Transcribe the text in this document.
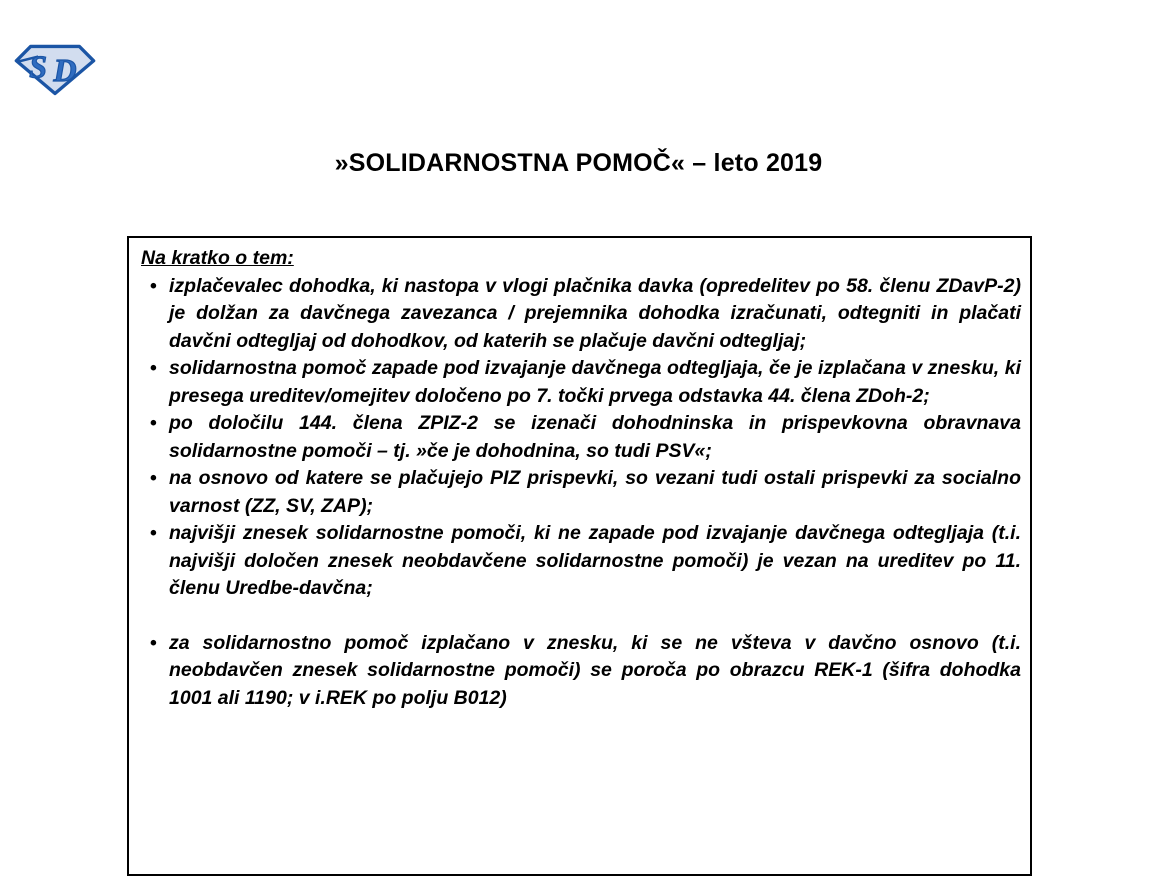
S D
»SOLIDARNOSTNA POMOČ« – leto 2019

Na kratko o tem:

• izplačevalec dohodka, ki nastopa v vlogi plačnika davka (opredelitev po 58. členu ZDavP-2) je dolžan za davčnega zavezanca / prejemnika dohodka izračunati, odtegniti in plačati davčni odtegljaj od dohodkov, od katerih se plačuje davčni odtegljaj;
• solidarnostna pomoč zapade pod izvajanje davčnega odtegljaja, če je izplačana v znesku, ki presega ureditev/omejitev določeno po 7. točki prvega odstavka 44. člena ZDoh-2;
• po določilu 144. člena ZPIZ-2 se izenači dohodninska in prispevkovna obravnava solidarnostne pomoči – tj. »če je dohodnina, so tudi PSV«;
• na osnovo od katere se plačujejo PIZ prispevki, so vezani tudi ostali prispevki za socialno varnost (ZZ, SV, ZAP);
• najvišji znesek solidarnostne pomoči, ki ne zapade pod izvajanje davčnega odtegljaja (t.i. najvišji določen znesek neobdavčene solidarnostne pomoči) je vezan na ureditev po 11. členu Uredbe-davčna;
• za solidarnostno pomoč izplačano v znesku, ki se ne všteva v davčno osnovo (t.i. neobdavčen znesek solidarnostne pomoči) se poroča po obrazcu REK-1 (šifra dohodka 1001 ali 1190; v i.REK po polju B012)
